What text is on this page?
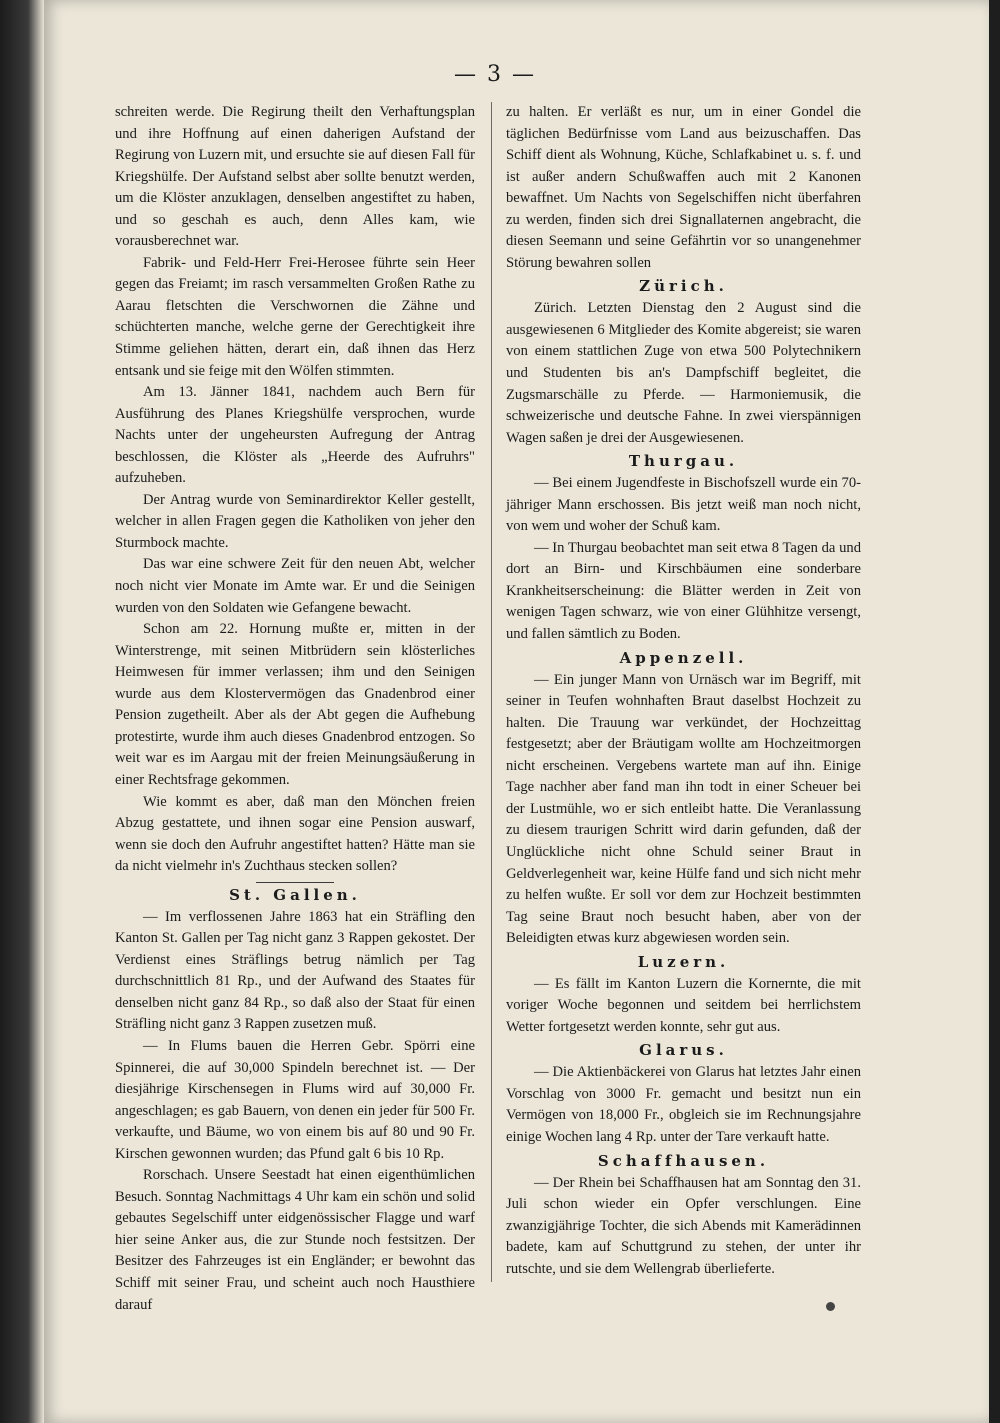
— 3 —

schreiten werde. Die Regirung theilt den Verhaftungsplan und ihre Hoffnung auf einen daherigen Aufstand der Regirung von Luzern mit, und ersuchte sie auf diesen Fall für Kriegshülfe. Der Aufstand selbst aber sollte benutzt werden, um die Klöster anzuklagen, denselben angestiftet zu haben, und so geschah es auch, denn Alles kam, wie vorausberechnet war.

Fabrik- und Feld-Herr Frei-Herosee führte sein Heer gegen das Freiamt; im rasch versammelten Großen Rathe zu Aarau fletschten die Verschwornen die Zähne und schüchterten manche, welche gerne der Gerechtigkeit ihre Stimme geliehen hätten, derart ein, daß ihnen das Herz entsank und sie feige mit den Wölfen stimmten.

Am 13. Jänner 1841, nachdem auch Bern für Ausführung des Planes Kriegshülfe versprochen, wurde Nachts unter der ungeheursten Aufregung der Antrag beschlossen, die Klöster als „Heerde des Aufruhrs" aufzuheben.

Der Antrag wurde von Seminardirektor Keller gestellt, welcher in allen Fragen gegen die Katholiken von jeher den Sturmbock machte.

Das war eine schwere Zeit für den neuen Abt, welcher noch nicht vier Monate im Amte war. Er und die Seinigen wurden von den Soldaten wie Gefangene bewacht.

Schon am 22. Hornung mußte er, mitten in der Winterstrenge, mit seinen Mitbrüdern sein klösterliches Heimwesen für immer verlassen; ihm und den Seinigen wurde aus dem Klostervermögen das Gnadenbrod einer Pension zugetheilt. Aber als der Abt gegen die Aufhebung protestirte, wurde ihm auch dieses Gnadenbrod entzogen. So weit war es im Aargau mit der freien Meinungsäußerung in einer Rechtsfrage gekommen.

Wie kommt es aber, daß man den Mönchen freien Abzug gestattete, und ihnen sogar eine Pension auswarf, wenn sie doch den Aufruhr angestiftet hatten? Hätte man sie da nicht vielmehr in's Zuchthaus stecken sollen?

St. Gallen.

— Im verflossenen Jahre 1863 hat ein Sträfling den Kanton St. Gallen per Tag nicht ganz 3 Rappen gekostet. Der Verdienst eines Sträflings betrug nämlich per Tag durchschnittlich 81 Rp., und der Aufwand des Staates für denselben nicht ganz 84 Rp., so daß also der Staat für einen Sträfling nicht ganz 3 Rappen zusetzen muß.

— In Flums bauen die Herren Gebr. Spörri eine Spinnerei, die auf 30,000 Spindeln berechnet ist. — Der diesjährige Kirschensegen in Flums wird auf 30,000 Fr. angeschlagen; es gab Bauern, von denen ein jeder für 500 Fr. verkaufte, und Bäume, wo von einem bis auf 80 und 90 Fr. Kirschen gewonnen wurden; das Pfund galt 6 bis 10 Rp.

Rorschach. Unsere Seestadt hat einen eigenthümlichen Besuch. Sonntag Nachmittags 4 Uhr kam ein schön und solid gebautes Segelschiff unter eidgenössischer Flagge und warf hier seine Anker aus, die zur Stunde noch festsitzen. Der Besitzer des Fahrzeuges ist ein Engländer; er bewohnt das Schiff mit seiner Frau, und scheint auch noch Hausthiere darauf

zu halten. Er verläßt es nur, um in einer Gondel die täglichen Bedürfnisse vom Land aus beizuschaffen. Das Schiff dient als Wohnung, Küche, Schlafkabinet u. s. f. und ist außer andern Schußwaffen auch mit 2 Kanonen bewaffnet. Um Nachts von Segelschiffen nicht überfahren zu werden, finden sich drei Signallaternen angebracht, die diesen Seemann und seine Gefährtin vor so unangenehmer Störung bewahren sollen

Zürich.

Zürich. Letzten Dienstag den 2 August sind die ausgewiesenen 6 Mitglieder des Komite abgereist; sie waren von einem stattlichen Zuge von etwa 500 Polytechnikern und Studenten bis an's Dampfschiff begleitet, die Zugsmarschälle zu Pferde. — Harmoniemusik, die schweizerische und deutsche Fahne. In zwei vierspännigen Wagen saßen je drei der Ausgewiesenen.

Thurgau.

— Bei einem Jugendfeste in Bischofszell wurde ein 70-jähriger Mann erschossen. Bis jetzt weiß man noch nicht, von wem und woher der Schuß kam.

— In Thurgau beobachtet man seit etwa 8 Tagen da und dort an Birn- und Kirschbäumen eine sonderbare Krankheitserscheinung: die Blätter werden in Zeit von wenigen Tagen schwarz, wie von einer Glühhitze versengt, und fallen sämtlich zu Boden.

Appenzell.

— Ein junger Mann von Urnäsch war im Begriff, mit seiner in Teufen wohnhaften Braut daselbst Hochzeit zu halten. Die Trauung war verkündet, der Hochzeittag festgesetzt; aber der Bräutigam wollte am Hochzeitmorgen nicht erscheinen. Vergebens wartete man auf ihn. Einige Tage nachher aber fand man ihn todt in einer Scheuer bei der Lustmühle, wo er sich entleibt hatte. Die Veranlassung zu diesem traurigen Schritt wird darin gefunden, daß der Unglückliche nicht ohne Schuld seiner Braut in Geldverlegenheit war, keine Hülfe fand und sich nicht mehr zu helfen wußte. Er soll vor dem zur Hochzeit bestimmten Tag seine Braut noch besucht haben, aber von der Beleidigten etwas kurz abgewiesen worden sein.

Luzern.

— Es fällt im Kanton Luzern die Kornernte, die mit voriger Woche begonnen und seitdem bei herrlichstem Wetter fortgesetzt werden konnte, sehr gut aus.

Glarus.

— Die Aktienbäckerei von Glarus hat letztes Jahr einen Vorschlag von 3000 Fr. gemacht und besitzt nun ein Vermögen von 18,000 Fr., obgleich sie im Rechnungsjahre einige Wochen lang 4 Rp. unter der Tare verkauft hatte.

Schaffhausen.

— Der Rhein bei Schaffhausen hat am Sonntag den 31. Juli schon wieder ein Opfer verschlungen. Eine zwanzigjährige Tochter, die sich Abends mit Kamerädinnen badete, kam auf Schuttgrund zu stehen, der unter ihr rutschte, und sie dem Wellengrab überlieferte.
